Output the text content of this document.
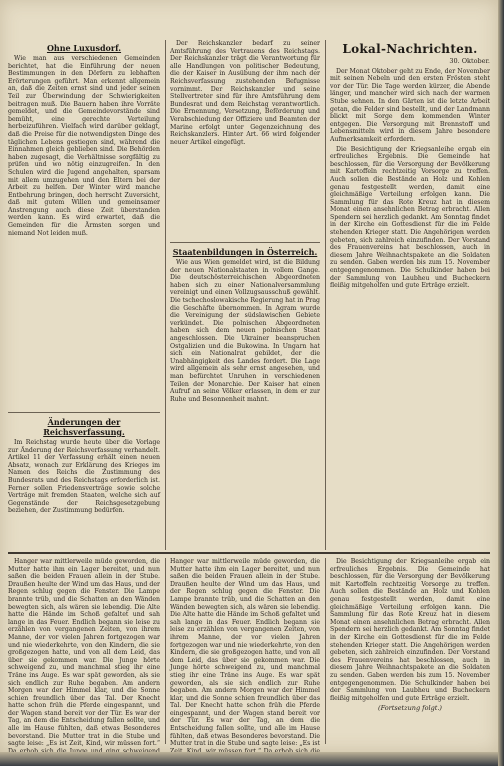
Ohne Luxusdorf.

Wie man aus verschiedenen Gemeinden berichtet, hat die Einführung der neuen Bestimmungen in den Dörfern zu lebhaften Erörterungen geführt. Man erkennt allgemein an, daß die Zeiten ernst sind und jeder seinen Teil zur Überwindung der Schwierigkeiten beitragen muß. Die Bauern haben ihre Vorräte gemeldet, und die Gemeindevorstände sind bemüht, eine gerechte Verteilung herbeizuführen. Vielfach wird darüber geklagt, daß die Preise für die notwendigsten Dinge des täglichen Lebens gestiegen sind, während die Einnahmen gleich geblieben sind. Die Behörden haben zugesagt, die Verhältnisse sorgfältig zu prüfen und wo nötig einzugreifen. In den Schulen wird die Jugend angehalten, sparsam mit allem umzugehen und den Eltern bei der Arbeit zu helfen. Der Winter wird manche Entbehrung bringen, doch herrscht Zuversicht, daß mit gutem Willen und gemeinsamer Anstrengung auch diese Zeit überstanden werden kann. Es wird erwartet, daß die Gemeinden für die Ärmsten sorgen und niemand Not leiden muß.

Änderungen der Reichsverfassung.

Im Reichstag wurde heute über die Vorlage zur Änderung der Reichsverfassung verhandelt. Artikel 11 der Verfassung erhält einen neuen Absatz, wonach zur Erklärung des Krieges im Namen des Reichs die Zustimmung des Bundesrats und des Reichstags erforderlich ist. Ferner sollen Friedensverträge sowie solche Verträge mit fremden Staaten, welche sich auf Gegenstände der Reichsgesetzgebung beziehen, der Zustimmung bedürfen.

Der Reichskanzler bedarf zu seiner Amtsführung des Vertrauens des Reichstags. Der Reichskanzler trägt die Verantwortung für alle Handlungen von politischer Bedeutung, die der Kaiser in Ausübung der ihm nach der Reichsverfassung zustehenden Befugnisse vornimmt. Der Reichskanzler und seine Stellvertreter sind für ihre Amtsführung dem Bundesrat und dem Reichstag verantwortlich. Die Ernennung, Versetzung, Beförderung und Verabschiedung der Offiziere und Beamten der Marine erfolgt unter Gegenzeichnung des Reichskanzlers. Hinter Art. 66 wird folgender neuer Artikel eingefügt.

Staatenbildungen in Österreich.

Wie aus Wien gemeldet wird, ist die Bildung der neuen Nationalstaaten in vollem Gange. Die deutschösterreichischen Abgeordneten haben sich zu einer Nationalversammlung vereinigt und einen Vollzugsausschuß gewählt. Die tschechoslowakische Regierung hat in Prag die Geschäfte übernommen. In Agram wurde die Vereinigung der südslawischen Gebiete verkündet. Die polnischen Abgeordneten haben sich dem neuen polnischen Staat angeschlossen. Die Ukrainer beanspruchen Ostgalizien und die Bukowina. In Ungarn hat sich ein Nationalrat gebildet, der die Unabhängigkeit des Landes fordert. Die Lage wird allgemein als sehr ernst angesehen, und man befürchtet Unruhen in verschiedenen Teilen der Monarchie. Der Kaiser hat einen Aufruf an seine Völker erlassen, in dem er zur Ruhe und Besonnenheit mahnt.

Lokal-Nachrichten.
30. Oktober.

Der Monat Oktober geht zu Ende, der November mit seinen Nebeln und den ersten Frösten steht vor der Tür. Die Tage werden kürzer, die Abende länger, und mancher wird sich nach der warmen Stube sehnen. In den Gärten ist die letzte Arbeit getan, die Felder sind bestellt, und der Landmann blickt mit Sorge dem kommenden Winter entgegen. Die Versorgung mit Brennstoff und Lebensmitteln wird in diesem Jahre besondere Aufmerksamkeit erfordern.

Die Besichtigung der Kriegsanleihe ergab ein erfreuliches Ergebnis. Die Gemeinde hat beschlossen, für die Versorgung der Bevölkerung mit Kartoffeln rechtzeitig Vorsorge zu treffen. Auch sollen die Bestände an Holz und Kohlen genau festgestellt werden, damit eine gleichmäßige Verteilung erfolgen kann. Die Sammlung für das Rote Kreuz hat in diesem Monat einen ansehnlichen Betrag erbracht. Allen Spendern sei herzlich gedankt. Am Sonntag findet in der Kirche ein Gottesdienst für die im Felde stehenden Krieger statt. Die Angehörigen werden gebeten, sich zahlreich einzufinden. Der Vorstand des Frauenvereins hat beschlossen, auch in diesem Jahre Weihnachtspakete an die Soldaten zu senden. Gaben werden bis zum 15. November entgegengenommen. Die Schulkinder haben bei der Sammlung von Laubheu und Bucheckern fleißig mitgeholfen und gute Erträge erzielt.

Hanger war mittlerweile müde geworden, die Mutter hatte ihm ein Lager bereitet, und nun saßen die beiden Frauen allein in der Stube. Draußen heulte der Wind um das Haus, und der Regen schlug gegen die Fenster. Die Lampe brannte trüb, und die Schatten an den Wänden bewegten sich, als wären sie lebendig. Die Alte hatte die Hände im Schoß gefaltet und sah lange in das Feuer. Endlich begann sie leise zu erzählen von vergangenen Zeiten, von ihrem Manne, der vor vielen Jahren fortgezogen war und nie wiederkehrte, von den Kindern, die sie großgezogen hatte, und von all dem Leid, das über sie gekommen war. Die Junge hörte schweigend zu, und manchmal stieg ihr eine Träne ins Auge. Es war spät geworden, als sie sich endlich zur Ruhe begaben. Am andern Morgen war der Himmel klar, und die Sonne schien freundlich über das Tal. Der Knecht hatte schon früh die Pferde eingespannt, und der Wagen stand bereit vor der Tür. Es war der Tag, an dem die Entscheidung fallen sollte, und alle im Hause fühlten, daß etwas Besonderes bevorstand. Die Mutter trat in die Stube und sagte leise: „Es ist Zeit, Kind, wir müssen fort.“

Hanger war mittlerweile müde geworden, die Mutter hatte ihm ein Lager bereitet, und nun saßen die beiden Frauen allein in der Stube. Draußen heulte der Wind um das Haus, und der Regen schlug gegen die Fenster. Die Lampe brannte trüb, und die Schatten an den Wänden bewegten sich, als wären sie lebendig. Die Alte hatte die Hände im Schoß gefaltet und sah lange in das Feuer. Endlich begann sie leise zu erzählen von vergangenen Zeiten, von ihrem Manne, der vor vielen Jahren fortgezogen war und nie wiederkehrte, von den Kindern, die sie großgezogen hatte, und von all dem Leid, das über sie gekommen war. Die Junge hörte schweigend zu, und manchmal stieg ihr eine Träne ins Auge. Es war spät geworden, als sie sich endlich zur Ruhe begaben. Am andern Morgen war der Himmel klar, und die Sonne schien freundlich über das Tal. Der Knecht hatte schon früh die Pferde eingespannt, und der Wagen stand bereit vor der Tür. Es war der Tag, an dem die Entscheidung fallen sollte, und alle im Hause fühlten, daß etwas Besonderes bevorstand. Die Mutter trat in die Stube und sagte leise: „Es ist

Die Besichtigung der Kriegsanleihe ergab ein erfreuliches Ergebnis. Die Gemeinde hat beschlossen, für die Versorgung der Bevölkerung mit Kartoffeln rechtzeitig Vorsorge zu treffen. Auch sollen die Bestände an Holz und Kohlen genau festgestellt werden, damit eine gleichmäßige Verteilung erfolgen kann. Die Sammlung für das Rote Kreuz hat in diesem Monat einen ansehnlichen Betrag erbracht. Allen Spendern sei herzlich gedankt. Am Sonntag findet in der Kirche ein Gottesdienst für die im Felde stehenden Krieger statt. Die Angehörigen werden gebeten, sich zahlreich einzufinden. Der Vorstand des Frauenvereins hat beschlossen, auch in diesem Jahre Weihnachtspakete an die Soldaten zu senden. Gaben werden bis zum 15. November entgegengenommen. Die Schulkinder haben bei der Sammlung von Laubheu und Bucheckern fleißig mitgeholfen und gute Erträge erzielt.

(Fortsetzung folgt.)
